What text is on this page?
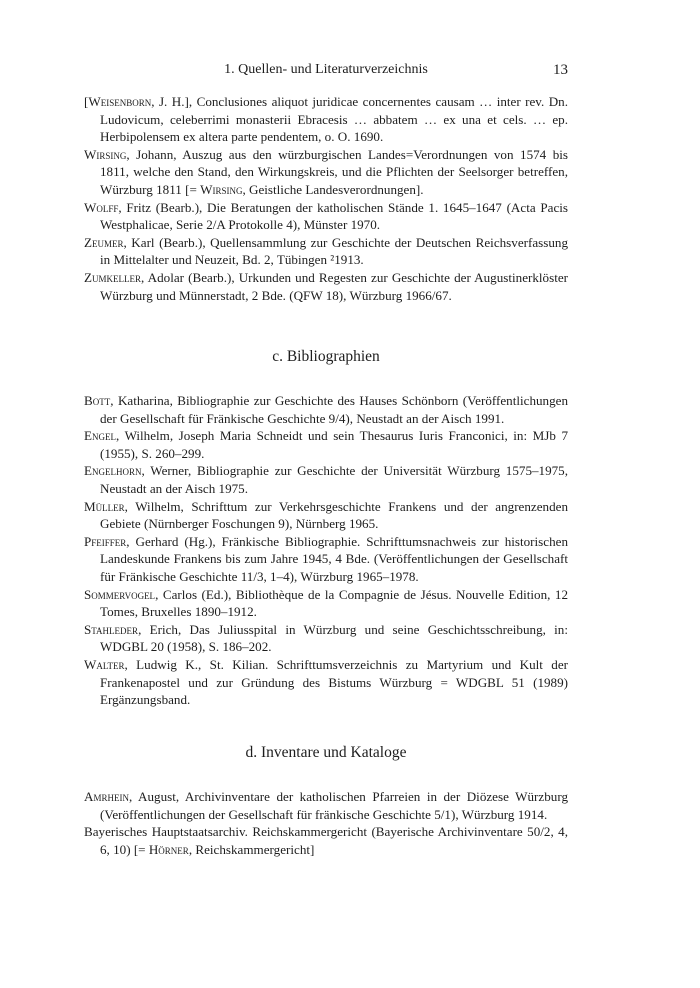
1. Quellen- und Literaturverzeichnis	13

[Weisenborn, J. H.], Conclusiones aliquot juridicae concernentes causam … inter rev. Dn. Ludovicum, celeberrimi monasterii Ebracesis … abbatem … ex una et cels. … ep. Herbipolensem ex altera parte pendentem, o. O. 1690.

Wirsing, Johann, Auszug aus den würzburgischen Landes=Verordnungen von 1574 bis 1811, welche den Stand, den Wirkungskreis, und die Pflichten der Seelsorger betreffen, Würzburg 1811 [= Wirsing, Geistliche Landesverordnungen].

Wolff, Fritz (Bearb.), Die Beratungen der katholischen Stände 1. 1645–1647 (Acta Pacis Westphalicae, Serie 2/A Protokolle 4), Münster 1970.

Zeumer, Karl (Bearb.), Quellensammlung zur Geschichte der Deutschen Reichsverfassung in Mittelalter und Neuzeit, Bd. 2, Tübingen ²1913.

Zumkeller, Adolar (Bearb.), Urkunden und Regesten zur Geschichte der Augustinerklöster Würzburg und Münnerstadt, 2 Bde. (QFW 18), Würzburg 1966/67.

c. Bibliographien

Bott, Katharina, Bibliographie zur Geschichte des Hauses Schönborn (Veröffentlichungen der Gesellschaft für Fränkische Geschichte 9/4), Neustadt an der Aisch 1991.

Engel, Wilhelm, Joseph Maria Schneidt und sein Thesaurus Iuris Franconici, in: MJb 7 (1955), S. 260–299.

Engelhorn, Werner, Bibliographie zur Geschichte der Universität Würzburg 1575–1975, Neustadt an der Aisch 1975.

Müller, Wilhelm, Schrifttum zur Verkehrsgeschichte Frankens und der angrenzenden Gebiete (Nürnberger Foschungen 9), Nürnberg 1965.

Pfeiffer, Gerhard (Hg.), Fränkische Bibliographie. Schrifttumsnachweis zur historischen Landeskunde Frankens bis zum Jahre 1945, 4 Bde. (Veröffentlichungen der Gesellschaft für Fränkische Geschichte 11/3, 1–4), Würzburg 1965–1978.

Sommervogel, Carlos (Ed.), Bibliothèque de la Compagnie de Jésus. Nouvelle Edition, 12 Tomes, Bruxelles 1890–1912.

Stahleder, Erich, Das Juliusspital in Würzburg und seine Geschichtsschreibung, in: WDGBL 20 (1958), S. 186–202.

Walter, Ludwig K., St. Kilian. Schrifttumsverzeichnis zu Martyrium und Kult der Frankenapostel und zur Gründung des Bistums Würzburg = WDGBL 51 (1989) Ergänzungsband.

d. Inventare und Kataloge

Amrhein, August, Archivinventare der katholischen Pfarreien in der Diözese Würzburg (Veröffentlichungen der Gesellschaft für fränkische Geschichte 5/1), Würzburg 1914.

Bayerisches Hauptstaatsarchiv. Reichskammergericht (Bayerische Archivinventare 50/2, 4, 6, 10) [= Hörner, Reichskammergericht]
